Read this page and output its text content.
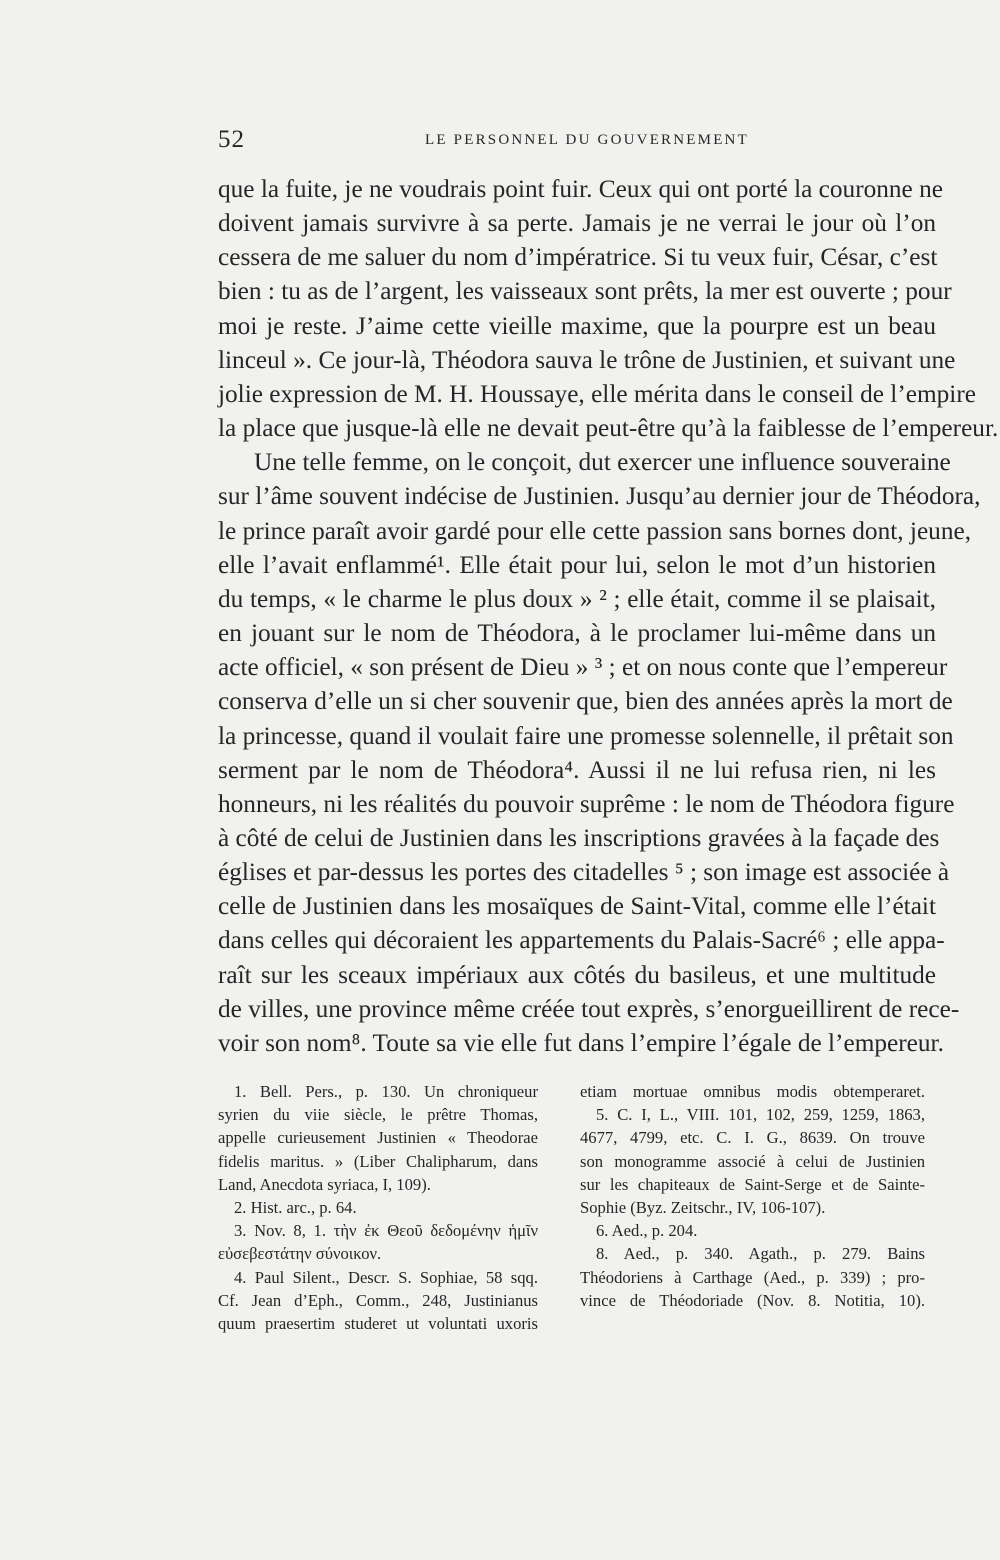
52	LE PERSONNEL DU GOUVERNEMENT
que la fuite, je ne voudrais point fuir. Ceux qui ont porté la couronne ne
doivent jamais survivre à sa perte. Jamais je ne verrai le jour où l’on
cessera de me saluer du nom d’impératrice. Si tu veux fuir, César, c’est
bien : tu as de l’argent, les vaisseaux sont prêts, la mer est ouverte ; pour
moi je reste. J’aime cette vieille maxime, que la pourpre est un beau
linceul ». Ce jour-là, Théodora sauva le trône de Justinien, et suivant une
jolie expression de M. H. Houssaye, elle mérita dans le conseil de l’empire
la place que jusque-là elle ne devait peut-être qu’à la faiblesse de l’empereur.
Une telle femme, on le conçoit, dut exercer une influence souveraine
sur l’âme souvent indécise de Justinien. Jusqu’au dernier jour de Théodora,
le prince paraît avoir gardé pour elle cette passion sans bornes dont, jeune,
elle l’avait enflammé¹. Elle était pour lui, selon le mot d’un historien
du temps, « le charme le plus doux » ² ; elle était, comme il se plaisait,
en jouant sur le nom de Théodora, à le proclamer lui-même dans un
acte officiel, « son présent de Dieu » ³ ; et on nous conte que l’empereur
conserva d’elle un si cher souvenir que, bien des années après la mort de
la princesse, quand il voulait faire une promesse solennelle, il prêtait son
serment par le nom de Théodora⁴. Aussi il ne lui refusa rien, ni les
honneurs, ni les réalités du pouvoir suprême : le nom de Théodora figure
à côté de celui de Justinien dans les inscriptions gravées à la façade des
églises et par-dessus les portes des citadelles ⁵ ; son image est associée à
celle de Justinien dans les mosaïques de Saint-Vital, comme elle l’était
dans celles qui décoraient les appartements du Palais-Sacré⁶ ; elle appa-
raît sur les sceaux impériaux aux côtés du basileus, et une multitude
de villes, une province même créée tout exprès, s’enorgueillirent de rece-
voir son nom⁸. Toute sa vie elle fut dans l’empire l’égale de l’empereur.
1. Bell. Pers., p. 130. Un chroniqueur
syrien du viie siècle, le prêtre Thomas,
appelle curieusement Justinien « Theodorae
fidelis maritus. » (Liber Chalipharum, dans
Land, Anecdota syriaca, I, 109).
2. Hist. arc., p. 64.
3. Nov. 8, 1. τὴν ἐκ Θεοῦ δεδομένην ἡμῖν
εὐσεβεστάτην σύνοικον.
4. Paul Silent., Descr. S. Sophiae, 58 sqq.
Cf. Jean d’Eph., Comm., 248, Justinianus
quum praesertim studeret ut voluntati uxoris
etiam mortuae omnibus modis obtemperaret.
5. C. I, L., VIII. 101, 102, 259, 1259, 1863,
4677, 4799, etc. C. I. G., 8639. On trouve
son monogramme associé à celui de Justinien
sur les chapiteaux de Saint-Serge et de Sainte-
Sophie (Byz. Zeitschr., IV, 106-107).
6. Aed., p. 204.
8. Aed., p. 340. Agath., p. 279. Bains
Théodoriens à Carthage (Aed., p. 339) ; pro-
vince de Théodoriade (Nov. 8. Notitia, 10).
